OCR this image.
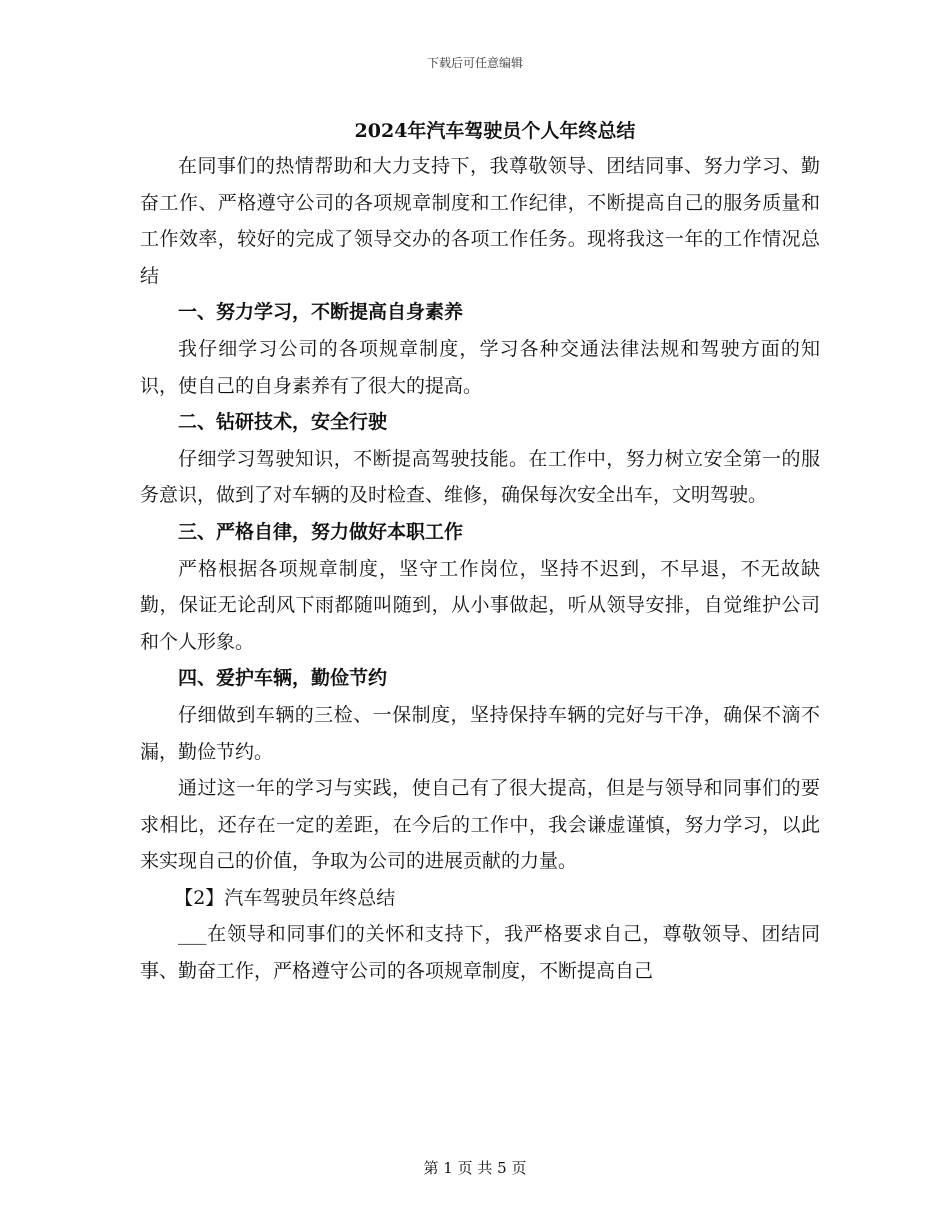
下载后可任意编辑
2024年汽车驾驶员个人年终总结

在同事们的热情帮助和大力支持下，我尊敬领导、团结同事、努力学习、勤奋工作、严格遵守公司的各项规章制度和工作纪律，不断提高自己的服务质量和工作效率，较好的完成了领导交办的各项工作任务。现将我这一年的工作情况总结

一、努力学习，不断提高自身素养

我仔细学习公司的各项规章制度，学习各种交通法律法规和驾驶方面的知识，使自己的自身素养有了很大的提高。

二、钻研技术，安全行驶

仔细学习驾驶知识，不断提高驾驶技能。在工作中，努力树立安全第一的服务意识，做到了对车辆的及时检查、维修，确保每次安全出车，文明驾驶。

三、严格自律，努力做好本职工作

严格根据各项规章制度，坚守工作岗位，坚持不迟到，不早退，不无故缺勤，保证无论刮风下雨都随叫随到，从小事做起，听从领导安排，自觉维护公司和个人形象。

四、爱护车辆，勤俭节约

仔细做到车辆的三检、一保制度，坚持保持车辆的完好与干净，确保不滴不漏，勤俭节约。

通过这一年的学习与实践，使自己有了很大提高，但是与领导和同事们的要求相比，还存在一定的差距，在今后的工作中，我会谦虚谨慎，努力学习，以此来实现自己的价值，争取为公司的进展贡献的力量。

【2】汽车驾驶员年终总结

___在领导和同事们的关怀和支持下，我严格要求自己，尊敬领导、团结同事、勤奋工作，严格遵守公司的各项规章制度，不断提高自己

第 1 页 共 5 页
